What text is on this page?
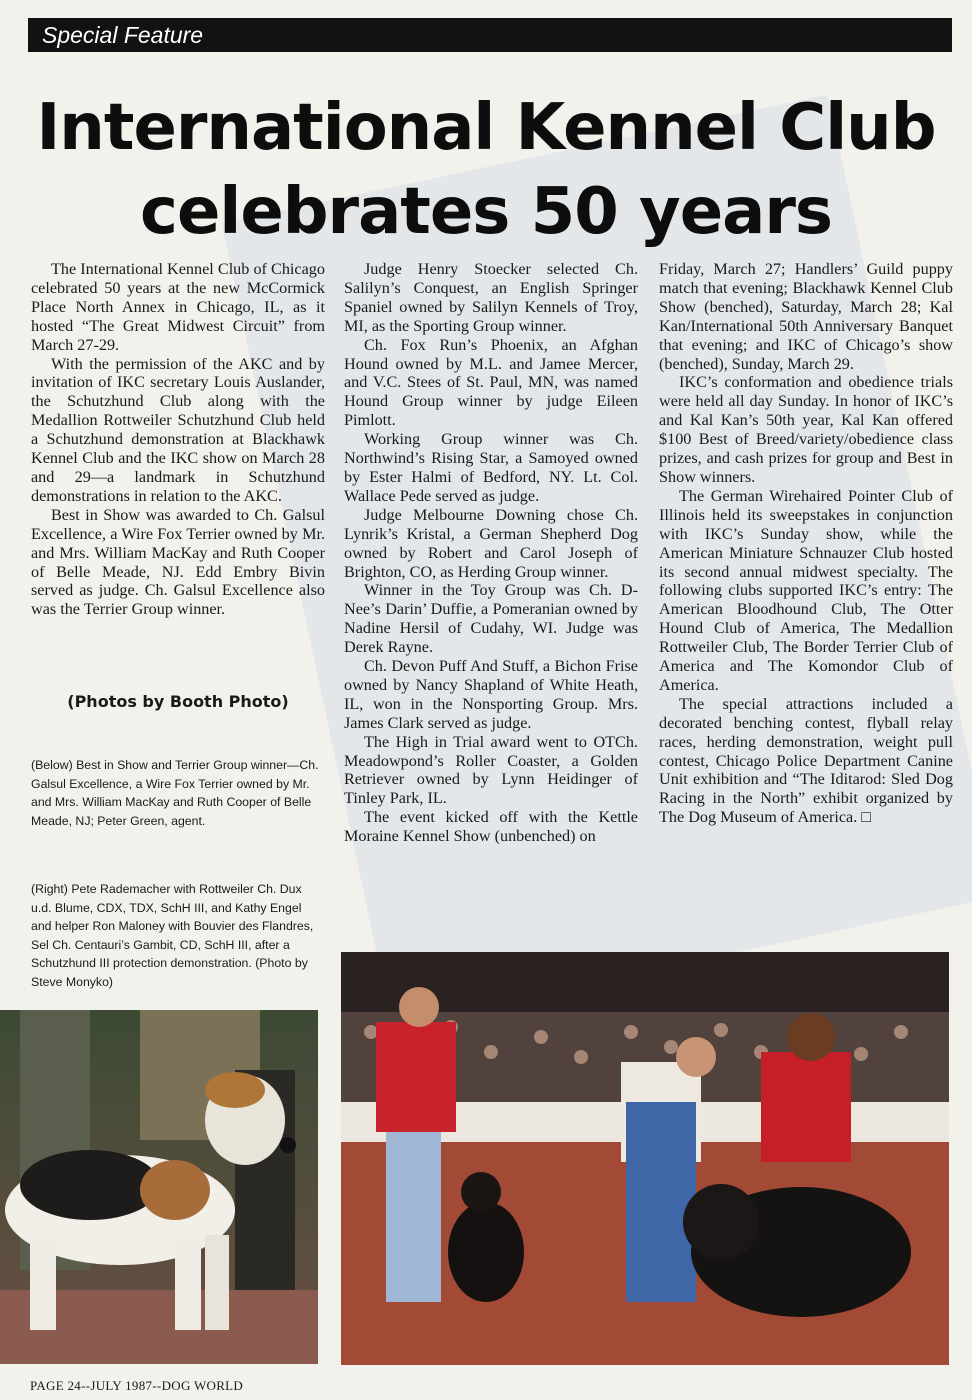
Special Feature
International Kennel Club
celebrates 50 years

The International Kennel Club of Chicago celebrated 50 years at the new McCormick Place North Annex in Chicago, IL, as it hosted “The Great Midwest Circuit” from March 27-29.

With the permission of the AKC and by invitation of IKC secretary Louis Auslander, the Schutzhund Club along with the Medallion Rottweiler Schutzhund Club held a Schutzhund demonstration at Blackhawk Kennel Club and the IKC show on March 28 and 29—a landmark in Schutzhund demonstrations in relation to the AKC.

Best in Show was awarded to Ch. Galsul Excellence, a Wire Fox Terrier owned by Mr. and Mrs. William MacKay and Ruth Cooper of Belle Meade, NJ. Edd Embry Bivin served as judge. Ch. Galsul Excellence also was the Terrier Group winner.

Judge Henry Stoecker selected Ch. Salilyn’s Conquest, an English Springer Spaniel owned by Salilyn Kennels of Troy, MI, as the Sporting Group winner.

Ch. Fox Run’s Phoenix, an Afghan Hound owned by M.L. and Jamee Mercer, and V.C. Stees of St. Paul, MN, was named Hound Group winner by judge Eileen Pimlott.

Working Group winner was Ch. Northwind’s Rising Star, a Samoyed owned by Ester Halmi of Bedford, NY. Lt. Col. Wallace Pede served as judge.

Judge Melbourne Downing chose Ch. Lynrik’s Kristal, a German Shepherd Dog owned by Robert and Carol Joseph of Brighton, CO, as Herding Group winner.

Winner in the Toy Group was Ch. D-Nee’s Darin’ Duffie, a Pomeranian owned by Nadine Hersil of Cudahy, WI. Judge was Derek Rayne.

Ch. Devon Puff And Stuff, a Bichon Frise owned by Nancy Shapland of White Heath, IL, won in the Nonsporting Group. Mrs. James Clark served as judge.

The High in Trial award went to OTCh. Meadowpond’s Roller Coaster, a Golden Retriever owned by Lynn Heidinger of Tinley Park, IL.

The event kicked off with the Kettle Moraine Kennel Show (unbenched) on

Friday, March 27; Handlers’ Guild puppy match that evening; Blackhawk Kennel Club Show (benched), Saturday, March 28; Kal Kan/International 50th Anniversary Banquet that evening; and IKC of Chicago’s show (benched), Sunday, March 29.

IKC’s conformation and obedience trials were held all day Sunday. In honor of IKC’s and Kal Kan’s 50th year, Kal Kan offered $100 Best of Breed/variety/obedience class prizes, and cash prizes for group and Best in Show winners.

The German Wirehaired Pointer Club of Illinois held its sweepstakes in conjunction with IKC’s Sunday show, while the American Miniature Schnauzer Club hosted its second annual midwest specialty. The following clubs supported IKC’s entry: The American Bloodhound Club, The Otter Hound Club of America, The Medallion Rottweiler Club, The Border Terrier Club of America and The Komondor Club of America.

The special attractions included a decorated benching contest, flyball relay races, herding demonstration, weight pull contest, Chicago Police Department Canine Unit exhibition and “The Iditarod: Sled Dog Racing in the North” exhibit organized by The Dog Museum of America. □

(Photos by Booth Photo)
(Below) Best in Show and Terrier Group winner—Ch. Galsul Excellence, a Wire Fox Terrier owned by Mr. and Mrs. William MacKay and Ruth Cooper of Belle Meade, NJ; Peter Green, agent.
(Right) Pete Rademacher with Rottweiler Ch. Dux u.d. Blume, CDX, TDX, SchH III, and Kathy Engel and helper Ron Maloney with Bouvier des Flandres, Sel Ch. Centauri’s Gambit, CD, SchH III, after a Schutzhund III protection demonstration. (Photo by Steve Monyko)
PAGE 24--JULY 1987--DOG WORLD
